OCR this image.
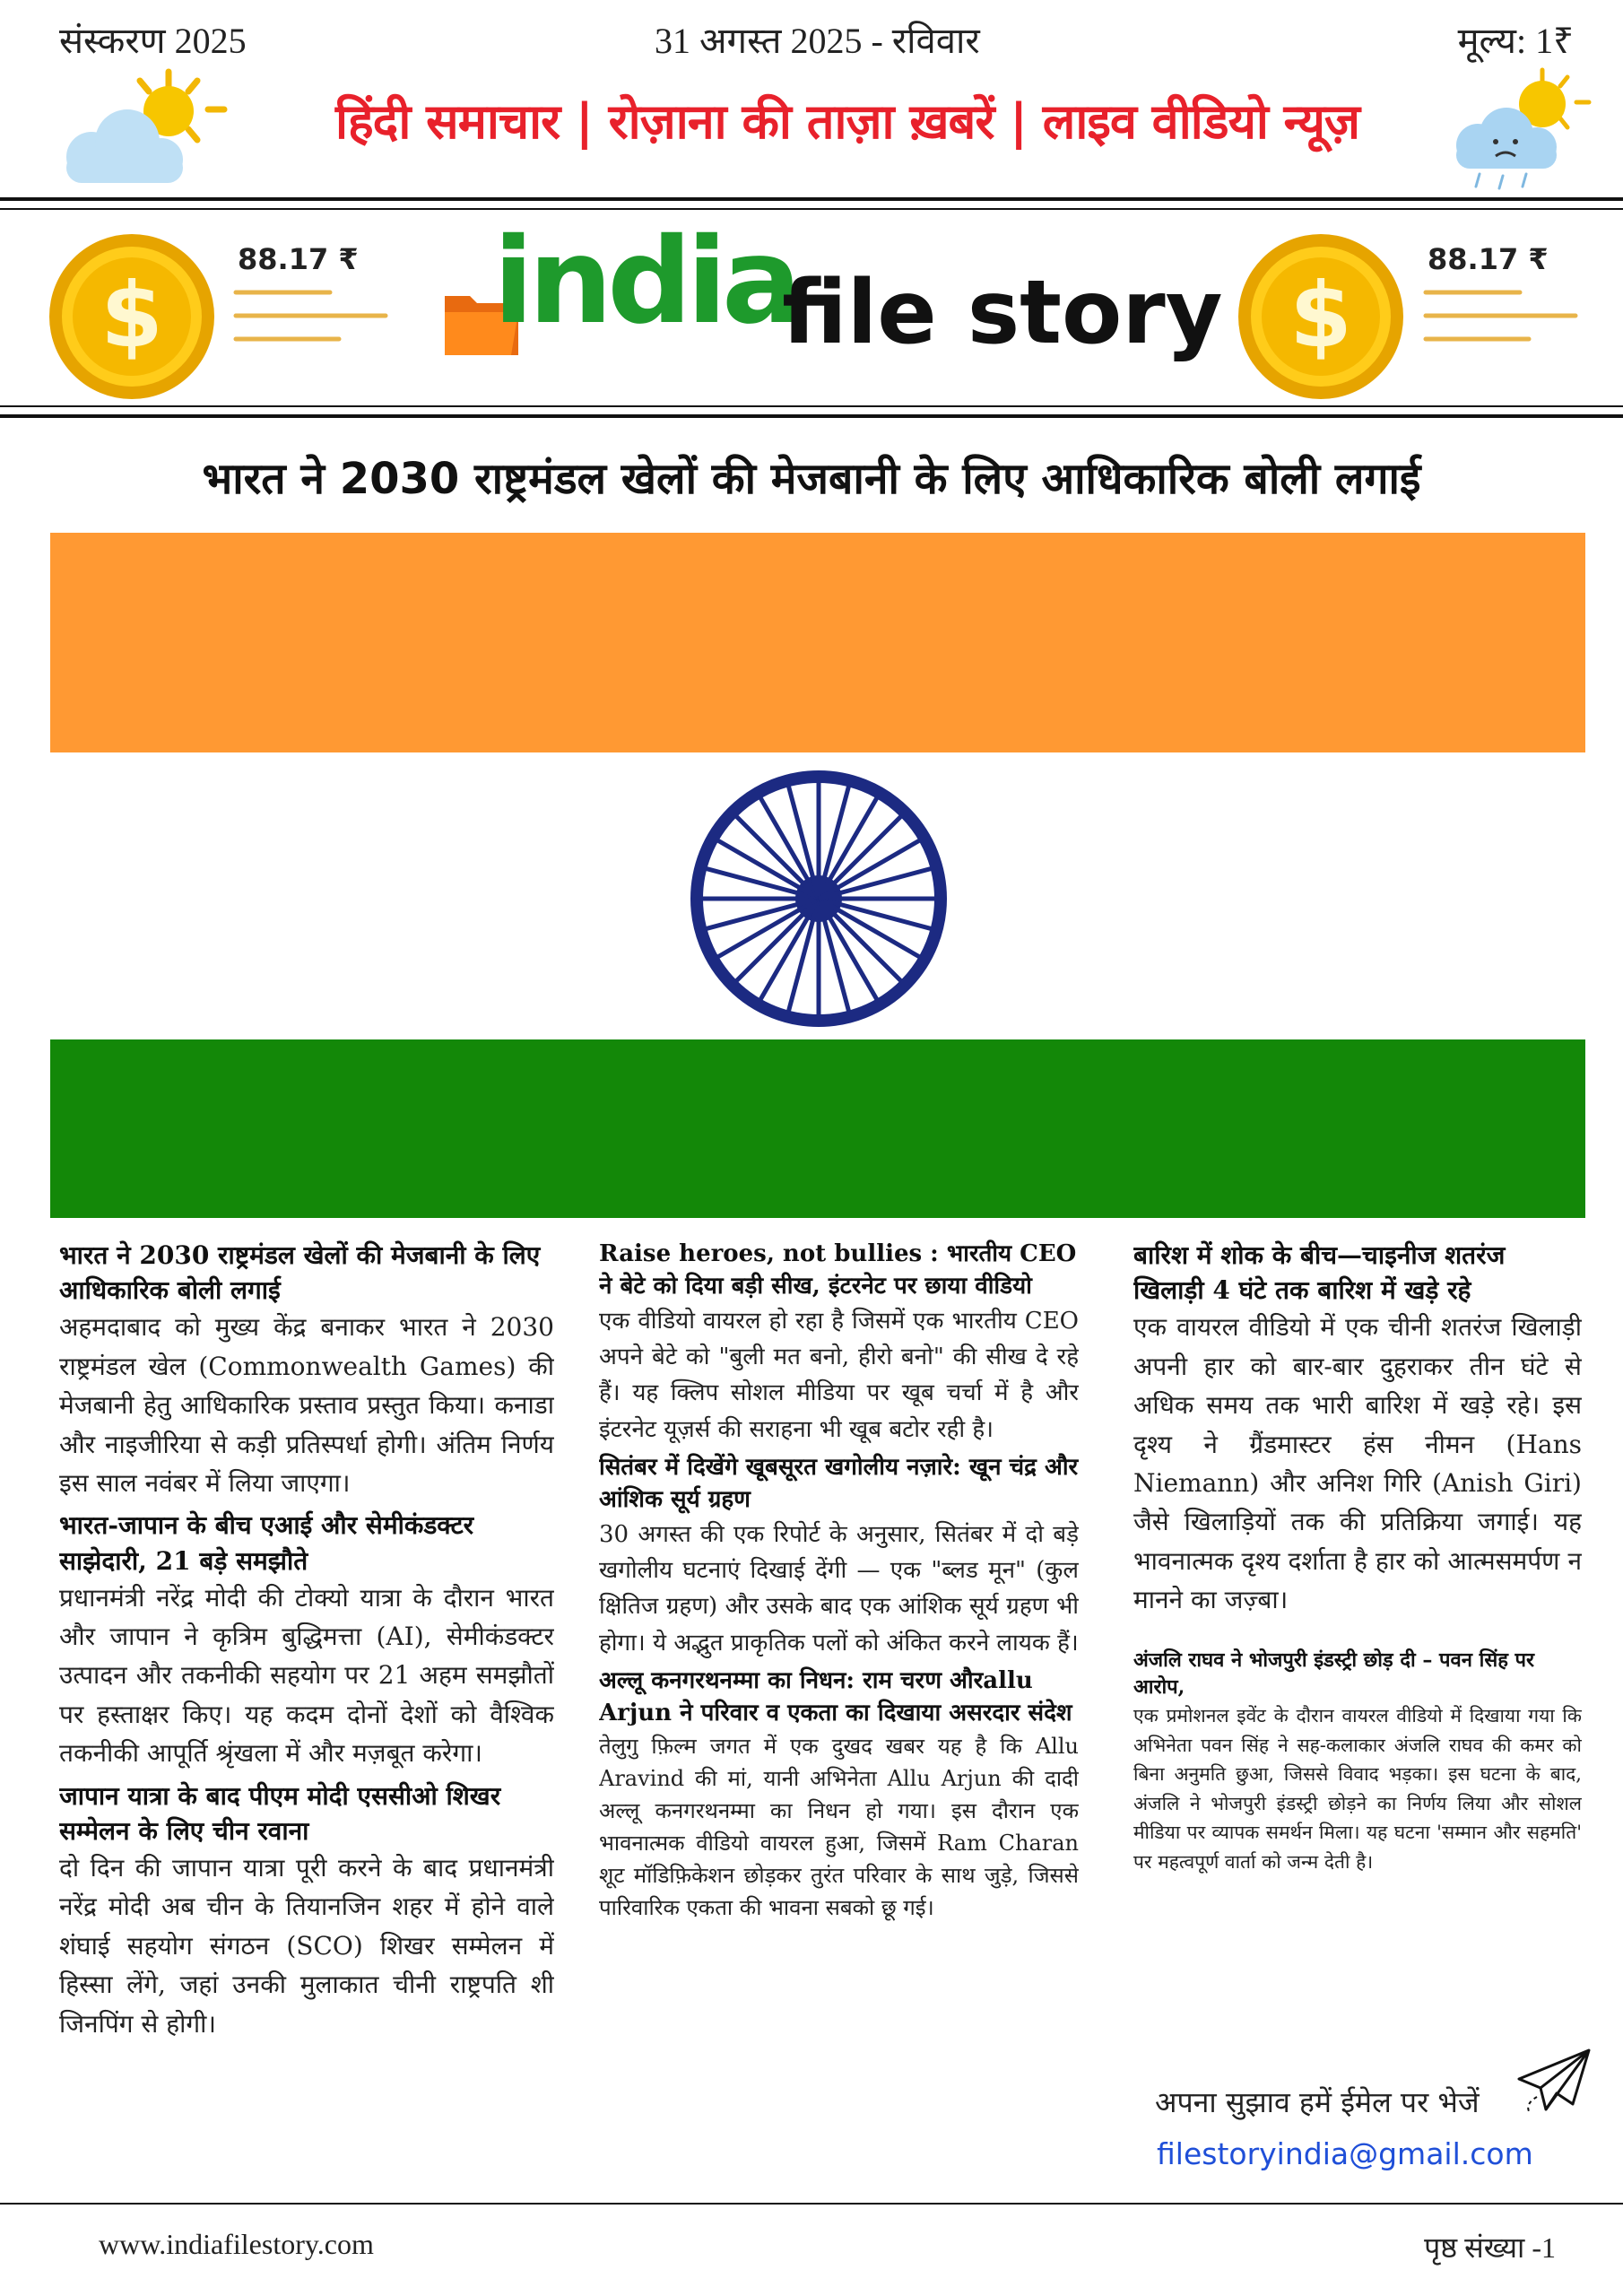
संस्करण 2025	31 अगस्त 2025 - रविवार	मूल्य: 1₹
हिंदी समाचार | रोज़ाना की ताज़ा ख़बरें | लाइव वीडियो न्यूज़
$
88.17 ₹ india
file story $
88.17 ₹
भारत ने 2030 राष्ट्रमंडल खेलों की मेजबानी के लिए आधिकारिक बोली लगाई
भारत ने 2030 राष्ट्रमंडल खेलों की मेजबानी के लिए आधिकारिक बोली लगाई

अहमदाबाद को मुख्य केंद्र बनाकर भारत ने 2030 राष्ट्रमंडल खेल (Commonwealth Games) की मेजबानी हेतु आधिकारिक प्रस्ताव प्रस्तुत किया। कनाडा और नाइजीरिया से कड़ी प्रतिस्पर्धा होगी। अंतिम निर्णय इस साल नवंबर में लिया जाएगा।

भारत-जापान के बीच एआई और सेमीकंडक्टर साझेदारी, 21 बड़े समझौते

प्रधानमंत्री नरेंद्र मोदी की टोक्यो यात्रा के दौरान भारत और जापान ने कृत्रिम बुद्धिमत्ता (AI), सेमीकंडक्टर उत्पादन और तकनीकी सहयोग पर 21 अहम समझौतों पर हस्ताक्षर किए। यह कदम दोनों देशों को वैश्विक तकनीकी आपूर्ति श्रृंखला में और मज़बूत करेगा।

जापान यात्रा के बाद पीएम मोदी एससीओ शिखर सम्मेलन के लिए चीन रवाना

दो दिन की जापान यात्रा पूरी करने के बाद प्रधानमंत्री नरेंद्र मोदी अब चीन के तियानजिन शहर में होने वाले शंघाई सहयोग संगठन (SCO) शिखर सम्मेलन में हिस्सा लेंगे, जहां उनकी मुलाकात चीनी राष्ट्रपति शी जिनपिंग से होगी।

Raise heroes, not bullies : भारतीय CEO ने बेटे को दिया बड़ी सीख, इंटरनेट पर छाया वीडियो

एक वीडियो वायरल हो रहा है जिसमें एक भारतीय CEO अपने बेटे को "बुली मत बनो, हीरो बनो" की सीख दे रहे हैं। यह क्लिप सोशल मीडिया पर खूब चर्चा में है और इंटरनेट यूज़र्स की सराहना भी खूब बटोर रही है।

सितंबर में दिखेंगे खूबसूरत खगोलीय नज़ारे: खून चंद्र और आंशिक सूर्य ग्रहण

30 अगस्त की एक रिपोर्ट के अनुसार, सितंबर में दो बड़े खगोलीय घटनाएं दिखाई देंगी — एक "ब्लड मून" (कुल क्षितिज ग्रहण) और उसके बाद एक आंशिक सूर्य ग्रहण भी होगा। ये अद्भुत प्राकृतिक पलों को अंकित करने लायक हैं।

अल्लू कनगरथनम्मा का निधन: राम चरण औरallu Arjun ने परिवार व एकता का दिखाया असरदार संदेश

तेलुगु फ़िल्म जगत में एक दुखद खबर यह है कि Allu Aravind की मां, यानी अभिनेता Allu Arjun की दादी अल्लू कनगरथनम्मा का निधन हो गया। इस दौरान एक भावनात्मक वीडियो वायरल हुआ, जिसमें Ram Charan शूट मॉडिफ़िकेशन छोड़कर तुरंत परिवार के साथ जुड़े, जिससे पारिवारिक एकता की भावना सबको छू गई।

बारिश में शोक के बीच—चाइनीज शतरंज खिलाड़ी 4 घंटे तक बारिश में खड़े रहे

एक वायरल वीडियो में एक चीनी शतरंज खिलाड़ी अपनी हार को बार-बार दुहराकर तीन घंटे से अधिक समय तक भारी बारिश में खड़े रहे। इस दृश्य ने ग्रैंडमास्टर हंस नीमन (Hans Niemann) और अनिश गिरि (Anish Giri) जैसे खिलाड़ियों तक की प्रतिक्रिया जगाई। यह भावनात्मक दृश्य दर्शाता है हार को आत्मसमर्पण न मानने का जज़्बा।

अंजलि राघव ने भोजपुरी इंडस्ट्री छोड़ दी – पवन सिंह पर आरोप,

एक प्रमोशनल इवेंट के दौरान वायरल वीडियो में दिखाया गया कि अभिनेता पवन सिंह ने सह-कलाकार अंजलि राघव की कमर को बिना अनुमति छुआ, जिससे विवाद भड़का। इस घटना के बाद, अंजलि ने भोजपुरी इंडस्ट्री छोड़ने का निर्णय लिया और सोशल मीडिया पर व्यापक समर्थन मिला। यह घटना 'सम्मान और सहमति' पर महत्वपूर्ण वार्ता को जन्म देती है।

अपना सुझाव हमें ईमेल पर भेजें
filestoryindia@gmail.com
www.indiafilestory.com	पृष्ठ संख्या -1
